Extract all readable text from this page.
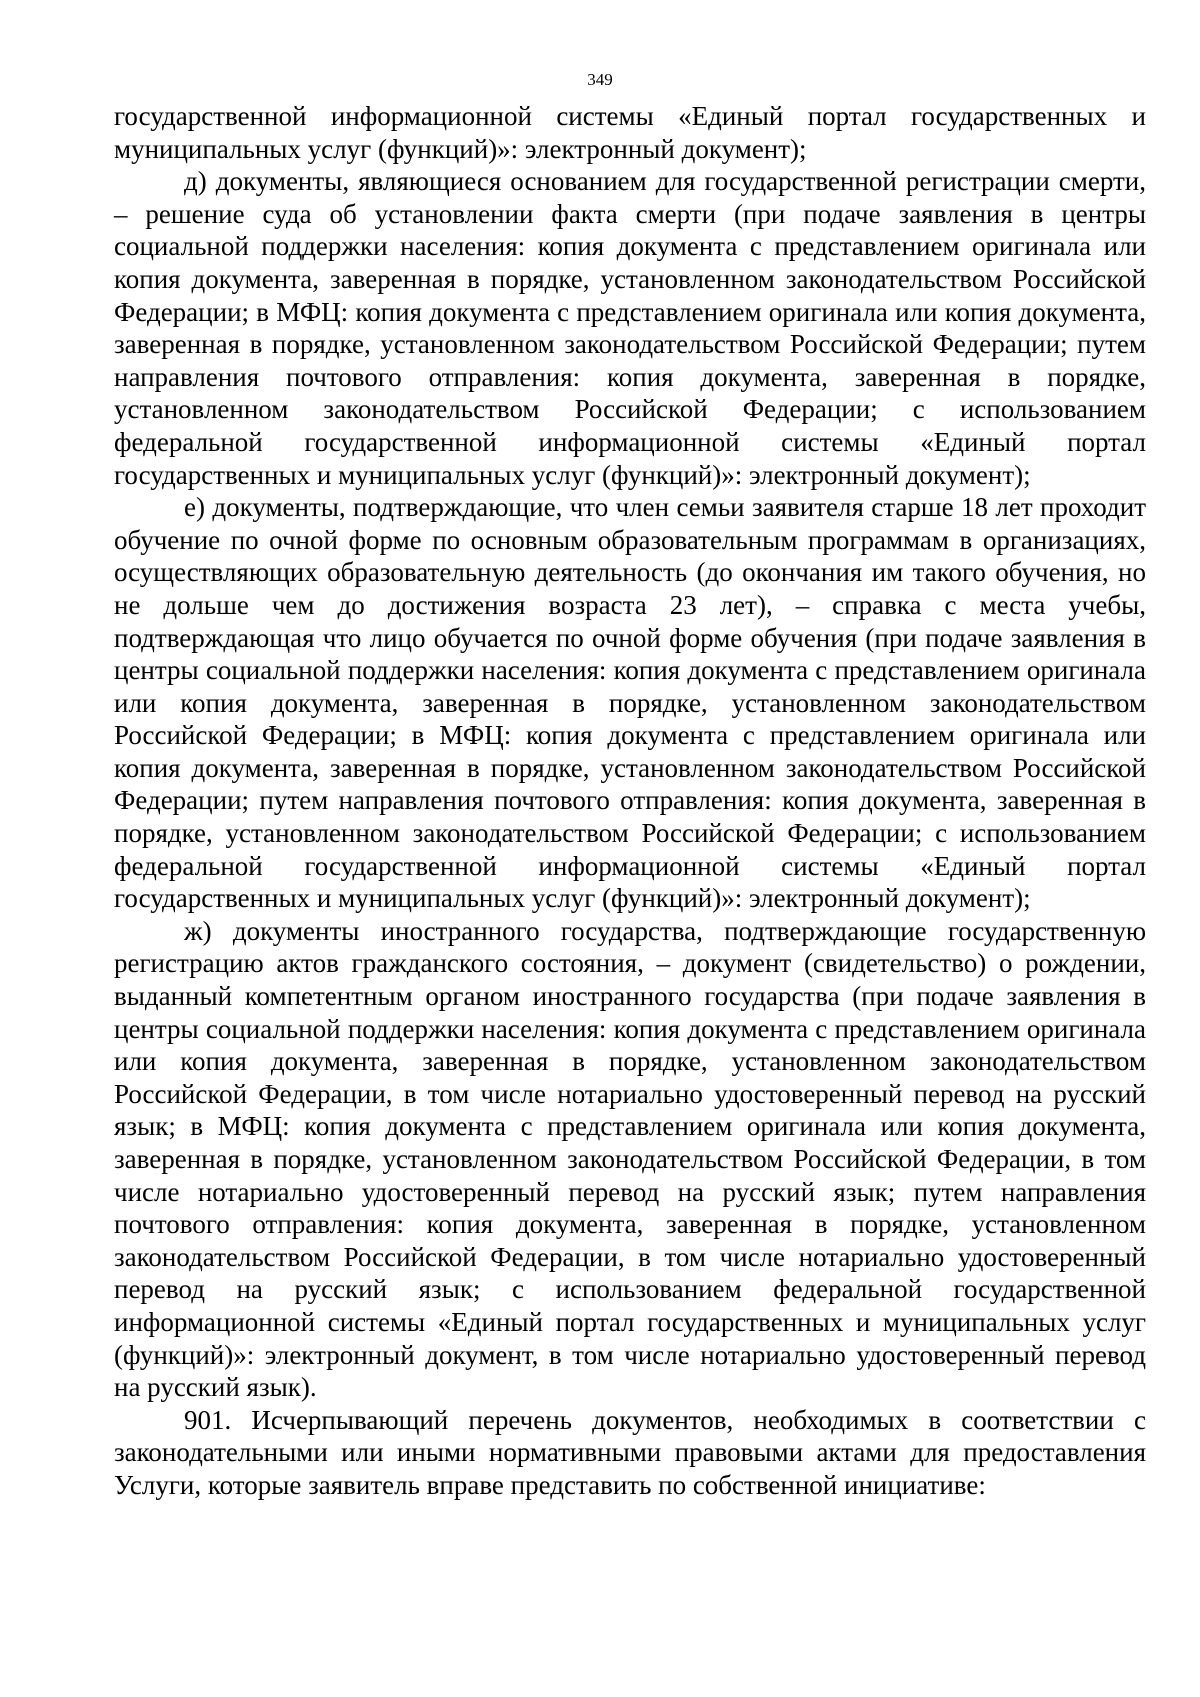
349

государственной информационной системы «Единый портал государственных и муниципальных услуг (функций)»: электронный документ);

д) документы, являющиеся основанием для государственной регистрации смерти, – решение суда об установлении факта смерти (при подаче заявления в центры социальной поддержки населения: копия документа с представлением оригинала или копия документа, заверенная в порядке, установленном законодательством Российской Федерации; в МФЦ: копия документа с представлением оригинала или копия документа, заверенная в порядке, установленном законодательством Российской Федерации; путем направления почтового отправления: копия документа, заверенная в порядке, установленном законодательством Российской Федерации; с использованием федеральной государственной информационной системы «Единый портал государственных и муниципальных услуг (функций)»: электронный документ);

е) документы, подтверждающие, что член семьи заявителя старше 18 лет проходит обучение по очной форме по основным образовательным программам в организациях, осуществляющих образовательную деятельность (до окончания им такого обучения, но не дольше чем до достижения возраста 23 лет), – справка с места учебы, подтверждающая что лицо обучается по очной форме обучения (при подаче заявления в центры социальной поддержки населения: копия документа с представлением оригинала или копия документа, заверенная в порядке, установленном законодательством Российской Федерации; в МФЦ: копия документа с представлением оригинала или копия документа, заверенная в порядке, установленном законодательством Российской Федерации; путем направления почтового отправления: копия документа, заверенная в порядке, установленном законодательством Российской Федерации; с использованием федеральной государственной информационной системы «Единый портал государственных и муниципальных услуг (функций)»: электронный документ);

ж) документы иностранного государства, подтверждающие государственную регистрацию актов гражданского состояния, – документ (свидетельство) о рождении, выданный компетентным органом иностранного государства (при подаче заявления в центры социальной поддержки населения: копия документа с представлением оригинала или копия документа, заверенная в порядке, установленном законодательством Российской Федерации, в том числе нотариально удостоверенный перевод на русский язык; в МФЦ: копия документа с представлением оригинала или копия документа, заверенная в порядке, установленном законодательством Российской Федерации, в том числе нотариально удостоверенный перевод на русский язык; путем направления почтового отправления: копия документа, заверенная в порядке, установленном законодательством Российской Федерации, в том числе нотариально удостоверенный перевод на русский язык; с использованием федеральной государственной информационной системы «Единый портал государственных и муниципальных услуг (функций)»: электронный документ, в том числе нотариально удостоверенный перевод на русский язык).

901. Исчерпывающий перечень документов, необходимых в соответствии с законодательными или иными нормативными правовыми актами для предоставления Услуги, которые заявитель вправе представить по собственной инициативе:
